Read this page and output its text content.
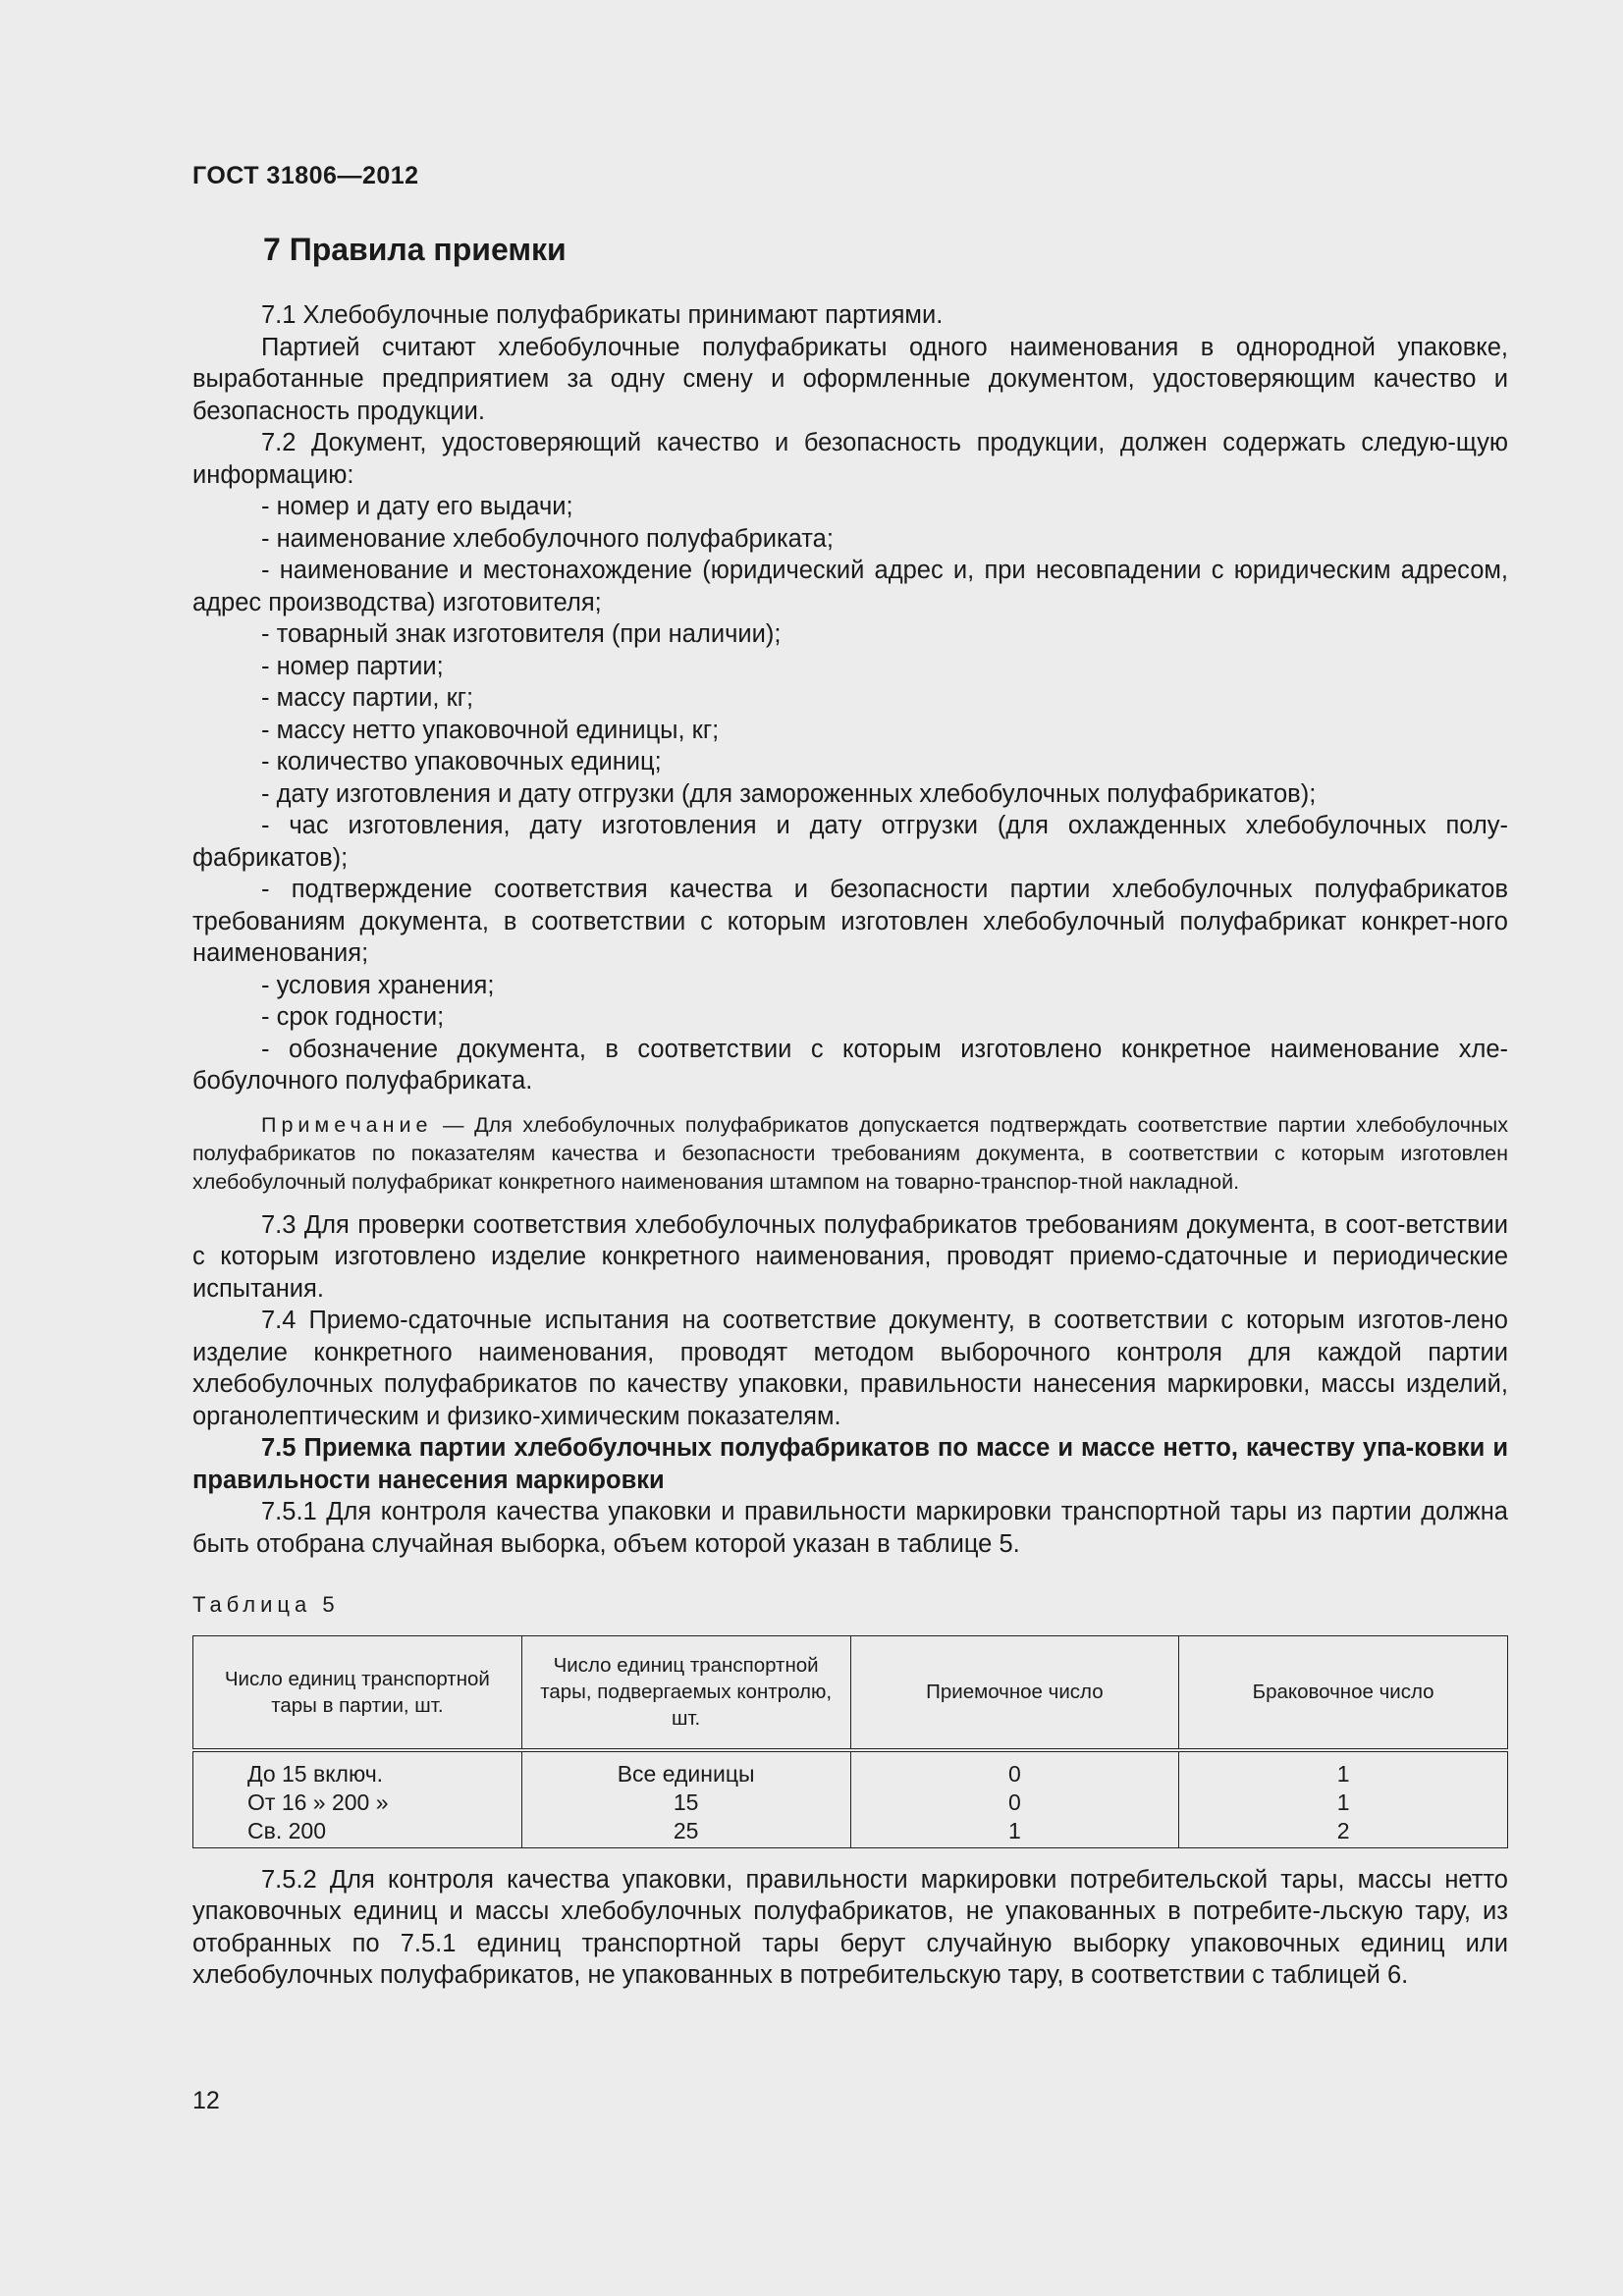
ГОСТ 31806—2012
7 Правила приемки

7.1 Хлебобулочные полуфабрикаты принимают партиями.

Партией считают хлебобулочные полуфабрикаты одного наименования в однородной упаковке, выработанные предприятием за одну смену и оформленные документом, удостоверяющим качество и безопасность продукции.

7.2 Документ, удостоверяющий качество и безопасность продукции, должен содержать следую-щую информацию:

- номер и дату его выдачи;

- наименование хлебобулочного полуфабриката;

- наименование и местонахождение (юридический адрес и, при несовпадении с юридическим адресом, адрес производства) изготовителя;

- товарный знак изготовителя (при наличии);

- номер партии;

- массу партии, кг;

- массу нетто упаковочной единицы, кг;

- количество упаковочных единиц;

- дату изготовления и дату отгрузки (для замороженных хлебобулочных полуфабрикатов);

- час изготовления, дату изготовления и дату отгрузки (для охлажденных хлебобулочных полу-фабрикатов);

- подтверждение соответствия качества и безопасности партии хлебобулочных полуфабрикатов требованиям документа, в соответствии с которым изготовлен хлебобулочный полуфабрикат конкрет-ного наименования;

- условия хранения;

- срок годности;

- обозначение документа, в соответствии с которым изготовлено конкретное наименование хле-бобулочного полуфабриката.

Примечание — Для хлебобулочных полуфабрикатов допускается подтверждать соответствие партии хлебобулочных полуфабрикатов по показателям качества и безопасности требованиям документа, в соответствии с которым изготовлен хлебобулочный полуфабрикат конкретного наименования штампом на товарно-транспор-тной накладной.

7.3 Для проверки соответствия хлебобулочных полуфабрикатов требованиям документа, в соот-ветствии с которым изготовлено изделие конкретного наименования, проводят приемо-сдаточные и периодические испытания.

7.4 Приемо-сдаточные испытания на соответствие документу, в соответствии с которым изготов-лено изделие конкретного наименования, проводят методом выборочного контроля для каждой партии хлебобулочных полуфабрикатов по качеству упаковки, правильности нанесения маркировки, массы изделий, органолептическим и физико-химическим показателям.

7.5 Приемка партии хлебобулочных полуфабрикатов по массе и массе нетто, качеству упа-ковки и правильности нанесения маркировки

7.5.1 Для контроля качества упаковки и правильности маркировки транспортной тары из партии должна быть отобрана случайная выборка, объем которой указан в таблице 5.

Таблица 5

Число единиц транспортной тары в партии, шт.	Число единиц транспортной тары, подвергаемых контролю, шт.	Приемочное число	Браковочное число
До 15 включ.	Все единицы	0	1
От 16 » 200 »	15	0	1
Св. 200	25	1	2

7.5.2 Для контроля качества упаковки, правильности маркировки потребительской тары, массы нетто упаковочных единиц и массы хлебобулочных полуфабрикатов, не упакованных в потребите-льскую тару, из отобранных по 7.5.1 единиц транспортной тары берут случайную выборку упаковочных единиц или хлебобулочных полуфабрикатов, не упакованных в потребительскую тару, в соответствии с таблицей 6.

12
